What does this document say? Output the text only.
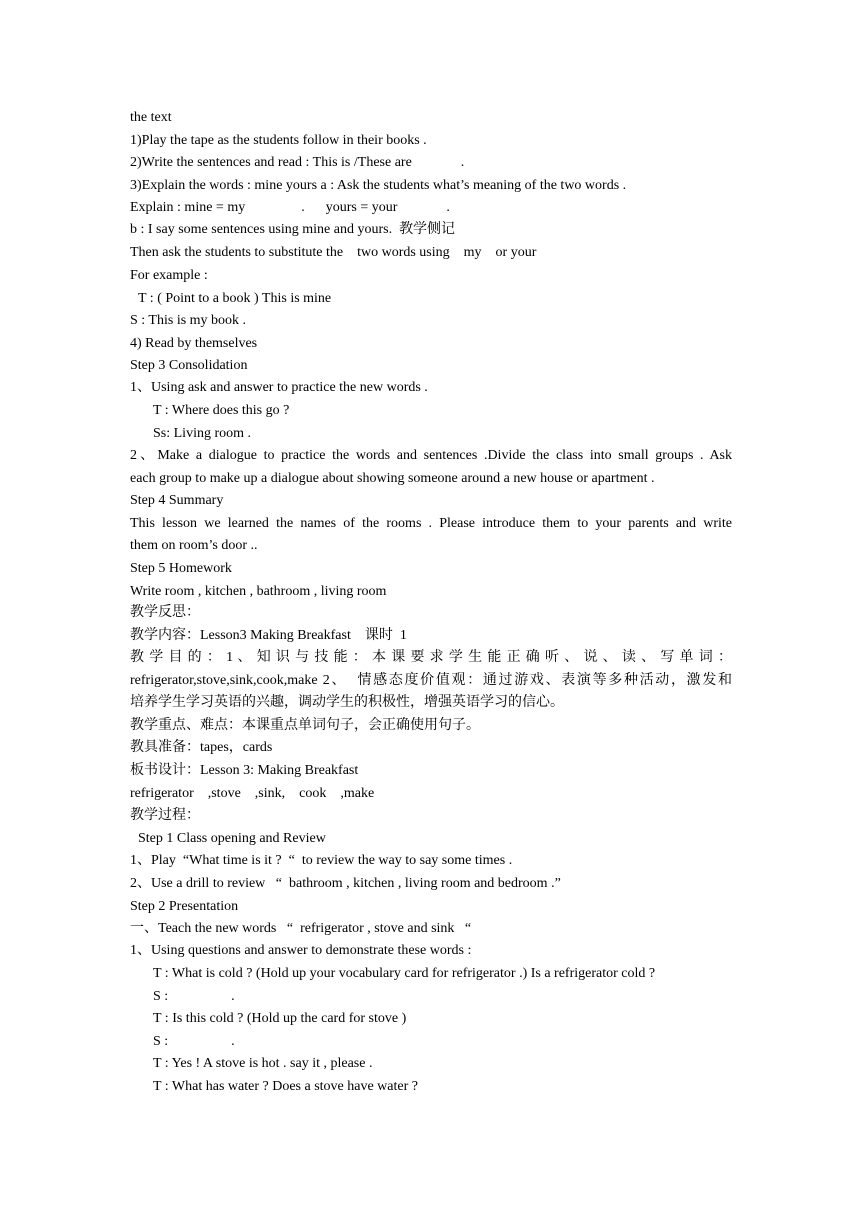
the text
1)Play the tape as the students follow in their books .
2)Write the sentences and read : This is /These are              .
3)Explain the words : mine yours a : Ask the students what’s meaning of the two words .
Explain : mine = my                .      yours = your              .
b : I say some sentences using mine and yours.  教学侧记
Then ask the students to substitute the    two words using    my    or your
For example :
T : ( Point to a book ) This is mine
S : This is my book .
4) Read by themselves
Step 3 Consolidation
1、Using ask and answer to practice the new words .
T : Where does this go ?
Ss: Living room .
2、Make a dialogue to practice the words and sentences .Divide the class into small groups . Ask
each group to make up a dialogue about showing someone around a new house or apartment .
Step 4 Summary
This lesson we learned the names of the rooms . Please introduce them to your parents and write
them on room’s door ..
Step 5 Homework
Write room , kitchen , bathroom , living room
教学反思：
教学内容：Lesson3 Making Breakfast    课时  1
教 学 目 的 ： 1 、 知 识 与 技 能 ： 本 课 要 求 学 生 能 正 确 听 、 说 、 读 、 写 单 词 ：
refrigerator,stove,sink,cook,make 2、  情感态度价值观：通过游戏、表演等多种活动，激发和
培养学生学习英语的兴趣，调动学生的积极性，增强英语学习的信心。
教学重点、难点：本课重点单词句子，会正确使用句子。
教具准备：tapes，cards
板书设计：Lesson 3: Making Breakfast
refrigerator    ,stove    ,sink,    cook    ,make
教学过程：
Step 1 Class opening and Review
1、Play  “What time is it ?  “  to review the way to say some times .
2、Use a drill to review   “  bathroom , kitchen , living room and bedroom .”
Step 2 Presentation
一、Teach the new words   “  refrigerator , stove and sink   “
1、Using questions and answer to demonstrate these words :
T : What is cold ? (Hold up your vocabulary card for refrigerator .) Is a refrigerator cold ?
S :                  .
T : Is this cold ? (Hold up the card for stove )
S :                  .
T : Yes ! A stove is hot . say it , please .
T : What has water ? Does a stove have water ?
